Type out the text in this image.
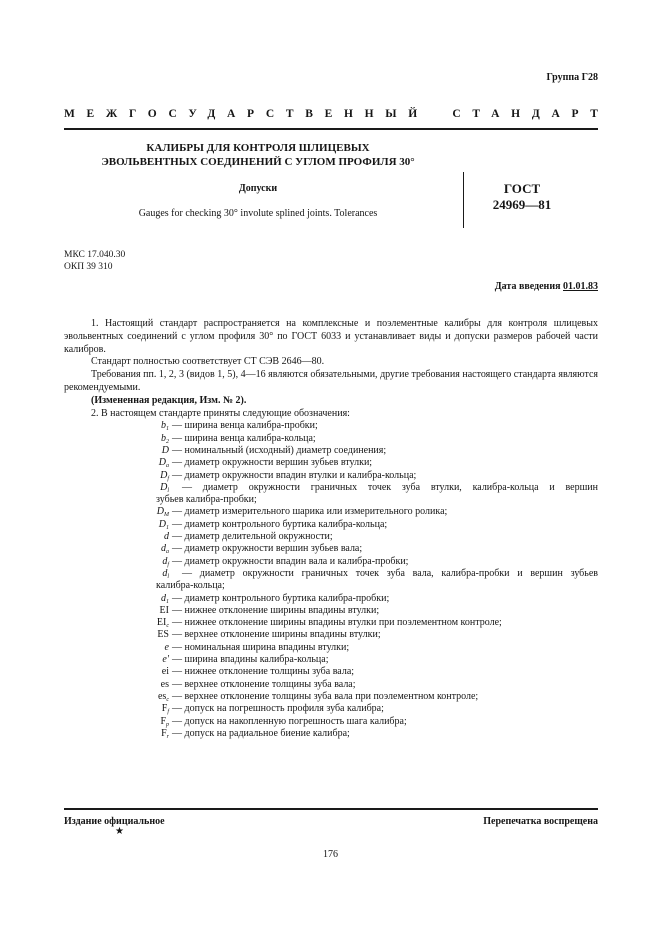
Группа Г28
МЕЖГОСУДАРСТВЕННЫЙ СТАНДАРТ
КАЛИБРЫ ДЛЯ КОНТРОЛЯ ШЛИЦЕВЫХ
ЭВОЛЬВЕНТНЫХ СОЕДИНЕНИЙ С УГЛОМ ПРОФИЛЯ 30°
Допуски	ГОСТ
24969—81
Gauges for checking 30° involute splined joints. Tolerances
МКС 17.040.30
ОКП 39 310
Дата введения 01.01.83

1. Настоящий стандарт распространяется на комплексные и поэлементные калибры для контроля шлицевых эвольвентных соединений с углом профиля 30° по ГОСТ 6033 и устанавливает виды и допуски размеров рабочей части калибров.

Стандарт полностью соответствует СТ СЭВ 2646—80.

Требования пп. 1, 2, 3 (видов 1, 5), 4—16 являются обязательными, другие требования настоящего стандарта являются рекомендуемыми.

(Измененная редакция, Изм. № 2).

2. В настоящем стандарте приняты следующие обозначения:

$b_1$ — ширина венца калибра-пробки;
$b_2$ — ширина венца калибра-кольца;
D — номинальный (исходный) диаметр соединения;
$D_a$ — диаметр окружности вершин зубьев втулки;
$D_f$ — диаметр окружности впадин втулки и калибра-кольца;
$D_l$ — диаметр окружности граничных точек зуба втулки, калибра-кольца и вершин
зубьев калибра-пробки;
$D_M$ — диаметр измерительного шарика или измерительного ролика;
$D_1$ — диаметр контрольного буртика калибра-кольца;
d — диаметр делительной окружности;
$d_a$ — диаметр окружности вершин зубьев вала;
$d_f$ — диаметр окружности впадин вала и калибра-пробки;
$d_l$ — диаметр окружности граничных точек зуба вала, калибра-пробки и вершин зубьев
калибра-кольца;
$d_1$ — диаметр контрольного буртика калибра-пробки;
EI — нижнее отклонение ширины впадины втулки;
$EI_c$ — нижнее отклонение ширины впадины втулки при поэлементном контроле;
ES — верхнее отклонение ширины впадины втулки;
e — номинальная ширина впадины втулки;
e' — ширина впадины калибра-кольца;
ei — нижнее отклонение толщины зуба вала;
es — верхнее отклонение толщины зуба вала;
$es_c$ — верхнее отклонение толщины зуба вала при поэлементном контроле;
$F_f$ — допуск на погрешность профиля зуба калибра;
$F_p$ — допуск на накопленную погрешность шага калибра;
$F_r$ — допуск на радиальное биение калибра;
Издание официальное	Перепечатка воспрещена
★
176
